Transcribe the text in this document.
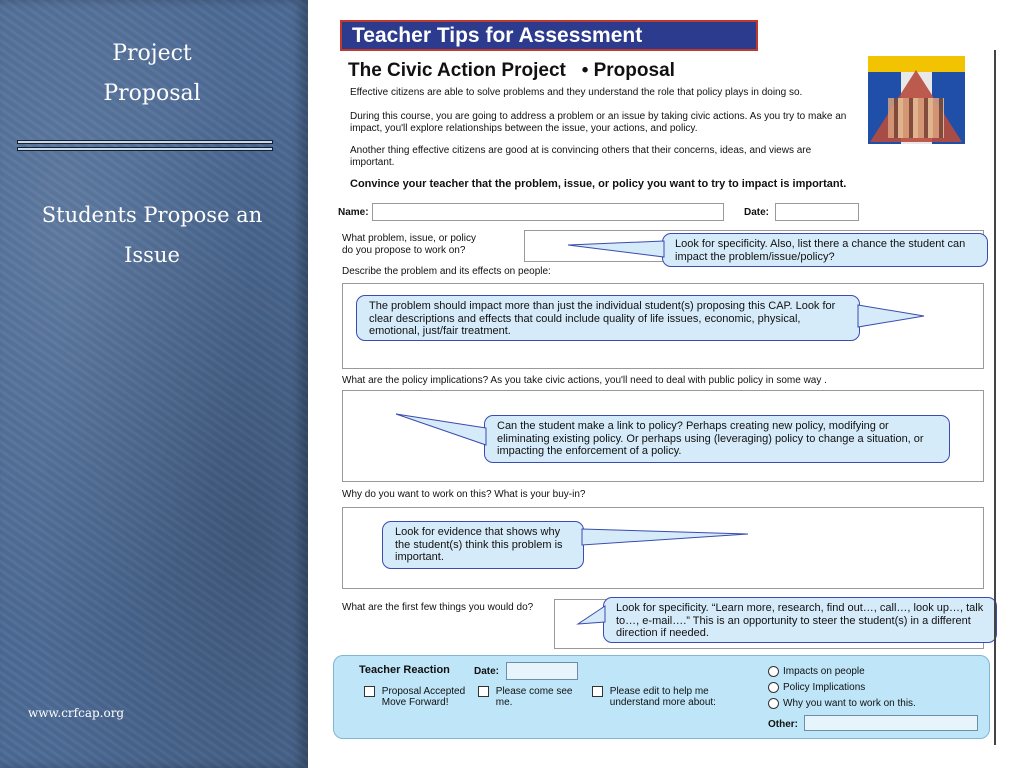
Project
Proposal
Students Propose an
Issue
www.crfcap.org
Teacher Tips for Assessment
The Civic Action Project • Proposal
Effective citizens are able to solve problems and they understand the role that policy plays in doing so.
During this course, you are going to address a problem or an issue by taking civic actions. As you try to make an impact, you'll explore relationships between the issue, your actions, and policy.
Another thing effective citizens are good at is convincing others that their concerns, ideas, and views are important.
Convince your teacher that the problem, issue, or policy you want to try to impact is important.
Name:	Date:
What problem, issue, or policy
do you propose to work on?
Look for specificity. Also, list there a chance the student can impact the problem/issue/policy?
Describe the problem and its effects on people:
The problem should impact more than just the individual student(s) proposing this CAP. Look for clear descriptions and effects that could include quality of life issues, economic, physical, emotional, just/fair treatment.
What are the policy implications? As you take civic actions, you'll need to deal with public policy in some way .
Can the student make a link to policy? Perhaps creating new policy, modifying or eliminating existing policy. Or perhaps using (leveraging) policy to change a situation, or impacting the enforcement of a policy.
Why do you want to work on this? What is your buy-in?
Look for evidence that shows why the student(s) think this problem is important.
What are the first few things you would do?	Look for specificity. “Learn more, research, find out…, call…, look up…, talk to…, e-mail….” This is an opportunity to steer the student(s) in a different direction if needed.
Teacher Reaction Date:
Proposal Accepted
Move Forward!
Please come see
me.
Please edit to help me
understand more about:
Impacts on people
Policy Implications
Why you want to work on this.
Other:
